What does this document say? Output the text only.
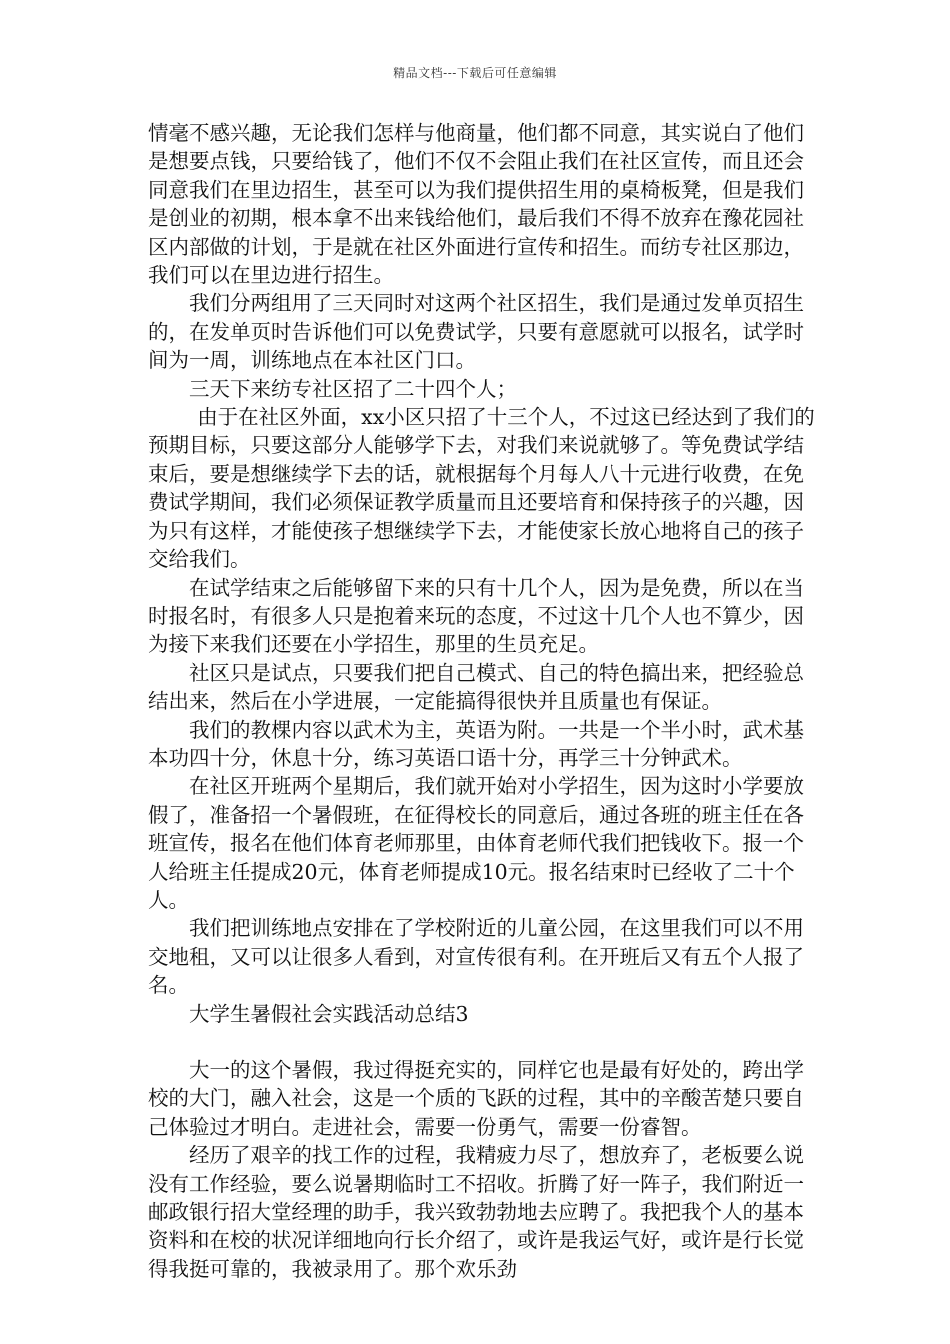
精品文档---下载后可任意编辑

情毫不感兴趣，无论我们怎样与他商量，他们都不同意，其实说白了他们是想要点钱，只要给钱了，他们不仅不会阻止我们在社区宣传，而且还会同意我们在里边招生，甚至可以为我们提供招生用的桌椅板凳，但是我们是创业的初期，根本拿不出来钱给他们，最后我们不得不放弃在豫花园社区内部做的计划，于是就在社区外面进行宣传和招生。而纺专社区那边，我们可以在里边进行招生。

我们分两组用了三天同时对这两个社区招生，我们是通过发单页招生的，在发单页时告诉他们可以免费试学，只要有意愿就可以报名，试学时间为一周，训练地点在本社区门口。

三天下来纺专社区招了二十四个人；

由于在社区外面，xx小区只招了十三个人，不过这已经达到了我们的预期目标，只要这部分人能够学下去，对我们来说就够了。等免费试学结束后，要是想继续学下去的话，就根据每个月每人八十元进行收费，在免费试学期间，我们必须保证教学质量而且还要培育和保持孩子的兴趣，因为只有这样，才能使孩子想继续学下去，才能使家长放心地将自己的孩子交给我们。

在试学结束之后能够留下来的只有十几个人，因为是免费，所以在当时报名时，有很多人只是抱着来玩的态度，不过这十几个人也不算少，因为接下来我们还要在小学招生，那里的生员充足。

社区只是试点，只要我们把自己模式、自己的特色搞出来，把经验总结出来，然后在小学进展，一定能搞得很快并且质量也有保证。

我们的教棵内容以武术为主，英语为附。一共是一个半小时，武术基本功四十分，休息十分，练习英语口语十分，再学三十分钟武术。

在社区开班两个星期后，我们就开始对小学招生，因为这时小学要放假了，准备招一个暑假班，在征得校长的同意后，通过各班的班主任在各班宣传，报名在他们体育老师那里，由体育老师代我们把钱收下。报一个人给班主任提成20元，体育老师提成10元。报名结束时已经收了二十个人。

我们把训练地点安排在了学校附近的儿童公园，在这里我们可以不用交地租，又可以让很多人看到，对宣传很有利。在开班后又有五个人报了名。

大学生暑假社会实践活动总结3

大一的这个暑假，我过得挺充实的，同样它也是最有好处的，跨出学校的大门，融入社会，这是一个质的飞跃的过程，其中的辛酸苦楚只要自己体验过才明白。走进社会，需要一份勇气，需要一份睿智。

经历了艰辛的找工作的过程，我精疲力尽了，想放弃了，老板要么说没有工作经验，要么说暑期临时工不招收。折腾了好一阵子，我们附近一邮政银行招大堂经理的助手，我兴致勃勃地去应聘了。我把我个人的基本资料和在校的状况详细地向行长介绍了，或许是我运气好，或许是行长觉得我挺可靠的，我被录用了。那个欢乐劲
